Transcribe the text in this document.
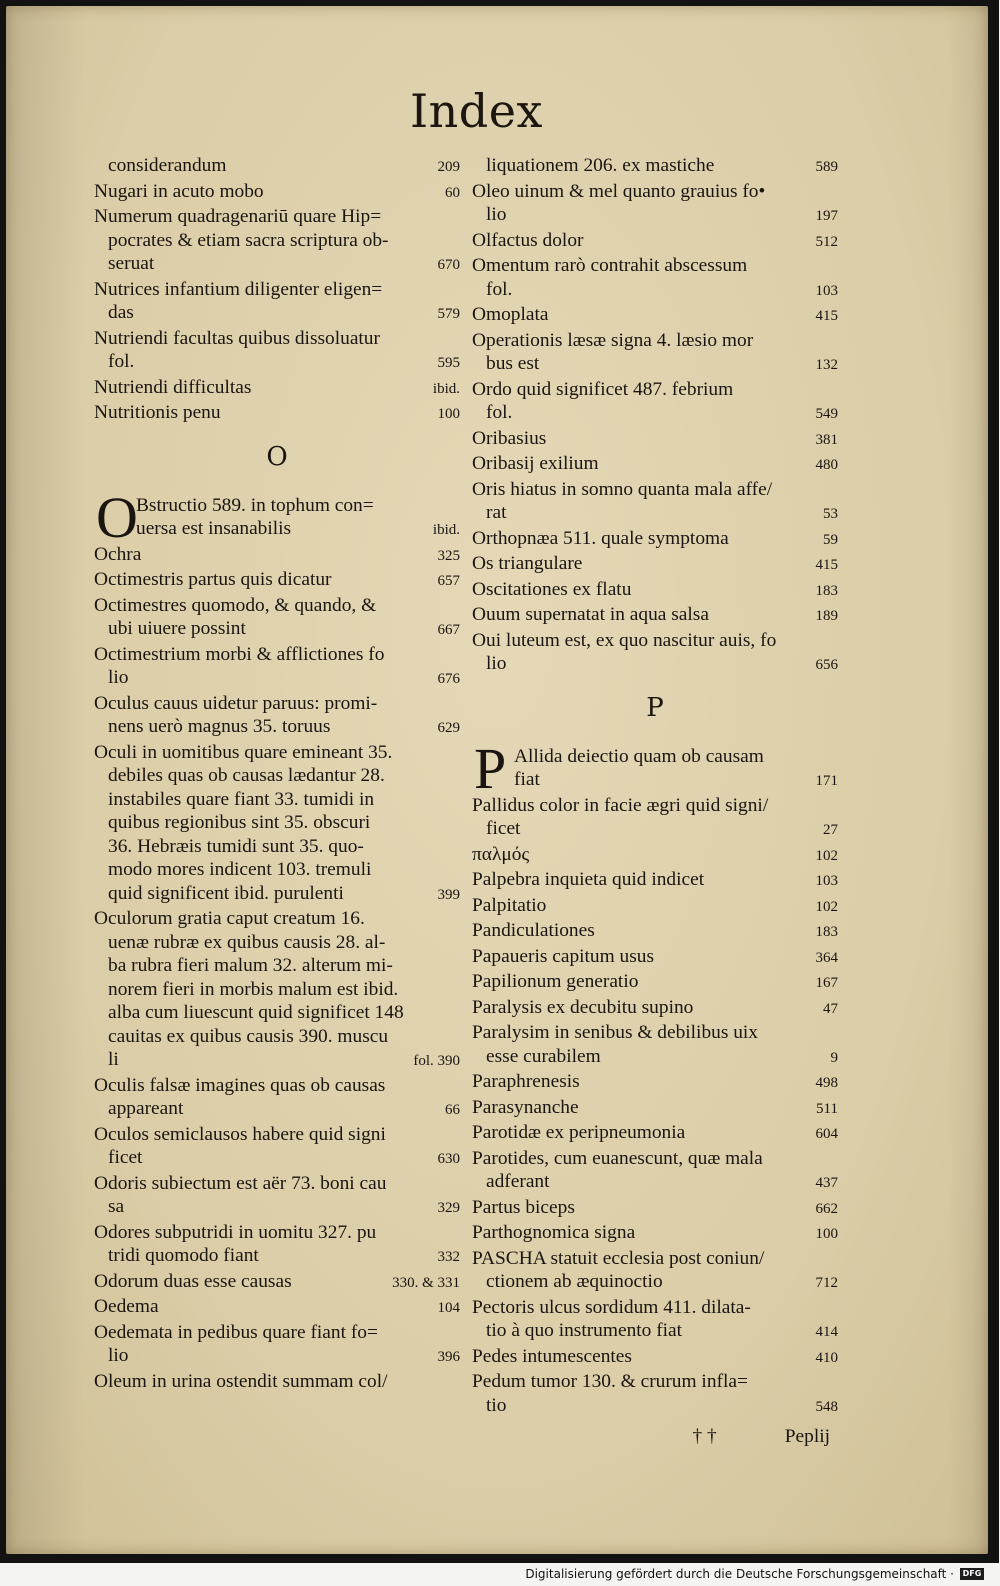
Index
considerandum	209
Nugari in acuto mobo	60
Numerum quadragenariū quare Hip=
pocrates & etiam sacra scriptura ob-
seruat	670
Nutrices infantium diligenter eligen=
das	579
Nutriendi facultas quibus dissoluatur
fol.	595
Nutriendi difficultas	ibid.
Nutritionis penu	100
O
O
Bstructio 589. in tophum con=
uersa est insanabilis	ibid.
Ochra	325
Octimestris partus quis dicatur	657
Octimestres quomodo, & quando, &
ubi uiuere possint	667
Octimestrium morbi & afflictiones fo
lio	676
Oculus cauus uidetur paruus: promi-
nens uerò magnus 35. toruus	629
Oculi in uomitibus quare emineant 35.
debiles quas ob causas lædantur 28.
instabiles quare fiant 33. tumidi in
quibus regionibus sint 35. obscuri
36. Hebræis tumidi sunt 35. quo-
modo mores indicent 103. tremuli
quid significent ibid. purulenti	399
Oculorum gratia caput creatum 16.
uenæ rubræ ex quibus causis 28. al-
ba rubra fieri malum 32. alterum mi-
norem fieri in morbis malum est ibid.
alba cum liuescunt quid significet 148
cauitas ex quibus causis 390. muscu
li	fol. 390
Oculis falsæ imagines quas ob causas
appareant	66
Oculos semiclausos habere quid signi
ficet	630
Odoris subiectum est aër 73. boni cau
sa	329
Odores subputridi in uomitu 327. pu
tridi quomodo fiant	332
Odorum duas esse causas	330. & 331
Oedema	104
Oedemata in pedibus quare fiant fo=
lio	396
Oleum in urina ostendit summam col/
liquationem 206. ex mastiche	589
Oleo uinum & mel quanto grauius fo•
lio	197
Olfactus dolor	512
Omentum rarò contrahit abscessum
fol.	103
Omoplata	415
Operationis læsæ signa 4. læsio mor
bus est	132
Ordo quid significet 487. febrium
fol.	549
Oribasius	381
Oribasij exilium	480
Oris hiatus in somno quanta mala affe/
rat	53
Orthopnæa 511. quale symptoma	59
Os triangulare	415
Oscitationes ex flatu	183
Ouum supernatat in aqua salsa	189
Oui luteum est, ex quo nascitur auis, fo
lio	656
P
P Allida deiectio quam ob causam
fiat	171
Pallidus color in facie ægri quid signi/
ficet	27
παλμός	102
Palpebra inquieta quid indicet	103
Palpitatio	102
Pandiculationes	183
Papaueris capitum usus	364
Papilionum generatio	167
Paralysis ex decubitu supino	47
Paralysim in senibus & debilibus uix
esse curabilem	9
Paraphrenesis	498
Parasynanche	511
Parotidæ ex peripneumonia	604
Parotides, cum euanescunt, quæ mala
adferant	437
Partus biceps	662
Parthognomica signa	100
PASCHA statuit ecclesia post coniun/
ctionem ab æquinoctio	712
Pectoris ulcus sordidum 411. dilata-
tio à quo instrumento fiat	414
Pedes intumescentes	410
Pedum tumor 130. & crurum infla=
tio	548
† †	Peplij
Digitalisierung gefördert durch die Deutsche Forschungsgemeinschaft ·	DFG
